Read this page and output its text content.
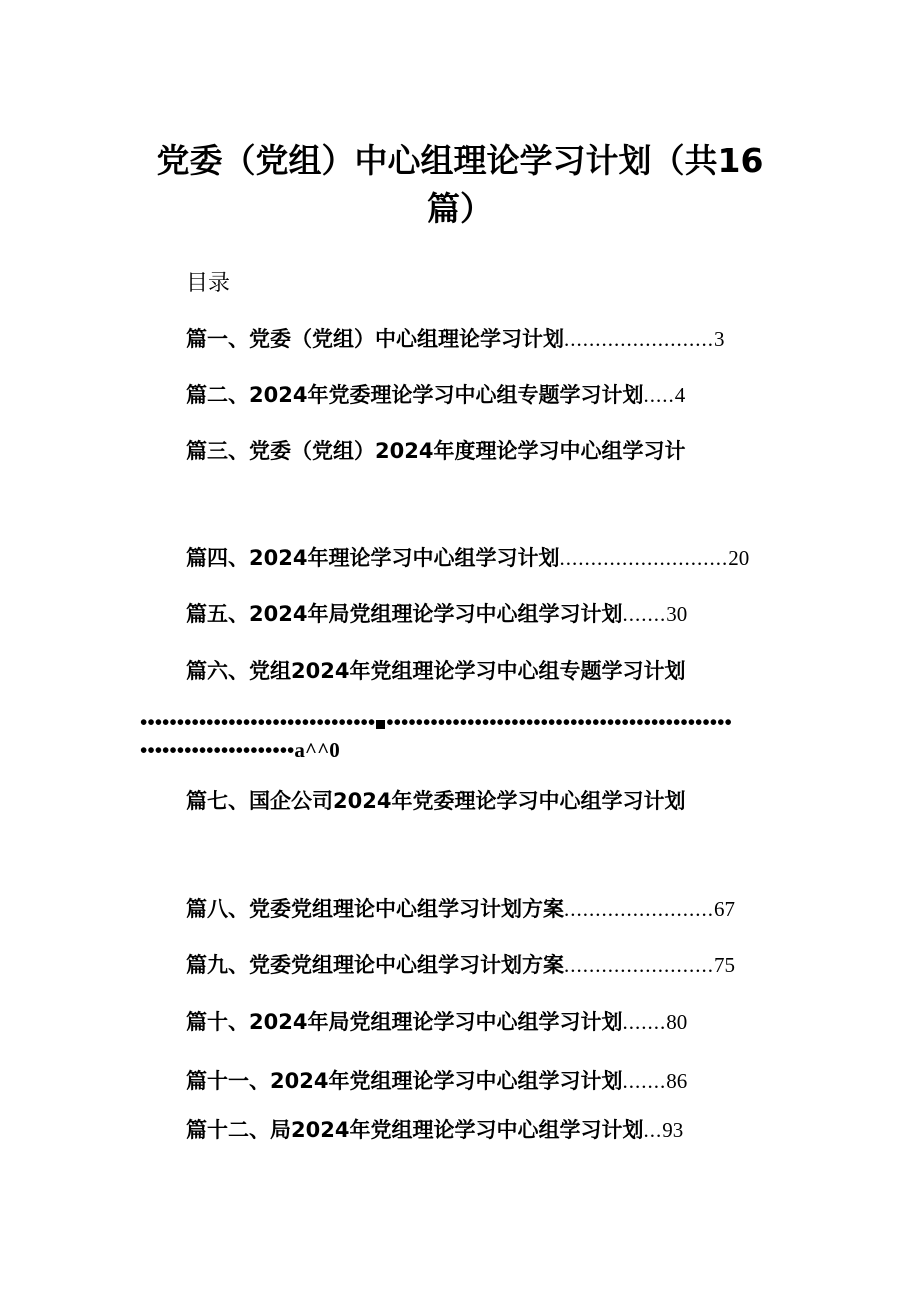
党委（党组）中心组理论学习计划（共16
篇）
目录
篇一、党委（党组）中心组理论学习计划........................3
篇二、2024年党委理论学习中心组专题学习计划.....4
篇三、党委（党组）2024年度理论学习中心组学习计
篇四、2024年理论学习中心组学习计划...........................20
篇五、2024年局党组理论学习中心组学习计划.......30
篇六、党组2024年党组理论学习中心组专题学习计划
•••••••••••••••••••••••••••••••• •••••••••••••••••••••••••••••••••••••••••••••••
•••••••••••••••••••••a^^0
篇七、国企公司2024年党委理论学习中心组学习计划
篇八、党委党组理论中心组学习计划方案........................67
篇九、党委党组理论中心组学习计划方案........................75
篇十、2024年局党组理论学习中心组学习计划.......80
篇十一、2024年党组理论学习中心组学习计划.......86
篇十二、局2024年党组理论学习中心组学习计划...93
